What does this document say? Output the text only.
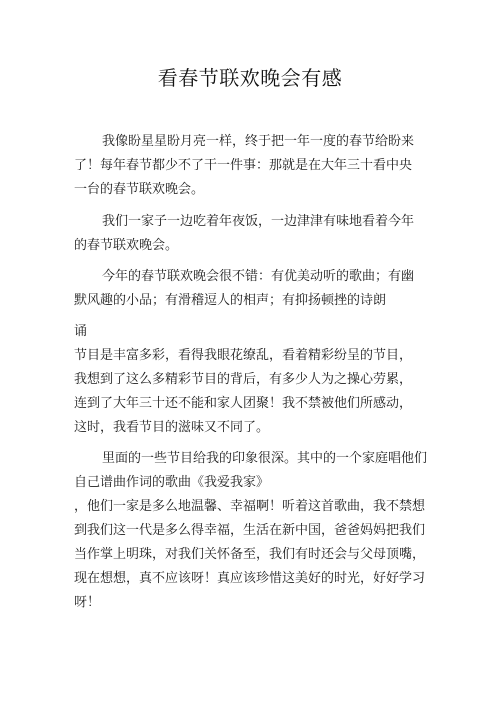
看春节联欢晚会有感
我像盼星星盼月亮一样，终于把一年一度的春节给盼来
了！每年春节都少不了干一件事：那就是在大年三十看中央
一台的春节联欢晚会。
我们一家子一边吃着年夜饭，一边津津有味地看着今年
的春节联欢晚会。
今年的春节联欢晚会很不错：有优美动听的歌曲；有幽
默风趣的小品；有滑稽逗人的相声；有抑扬顿挫的诗朗
诵
节目是丰富多彩，看得我眼花缭乱，看着精彩纷呈的节目，
我想到了这么多精彩节目的背后，有多少人为之操心劳累，
连到了大年三十还不能和家人团聚！我不禁被他们所感动，
这时，我看节目的滋味又不同了。
里面的一些节目给我的印象很深。其中的一个家庭唱他们
自己谱曲作词的歌曲《我爱我家》
，他们一家是多么地温馨、幸福啊！听着这首歌曲，我不禁想
到我们这一代是多么得幸福，生活在新中国，爸爸妈妈把我们
当作掌上明珠，对我们关怀备至，我们有时还会与父母顶嘴，
现在想想，真不应该呀！真应该珍惜这美好的时光，好好学习
呀！
